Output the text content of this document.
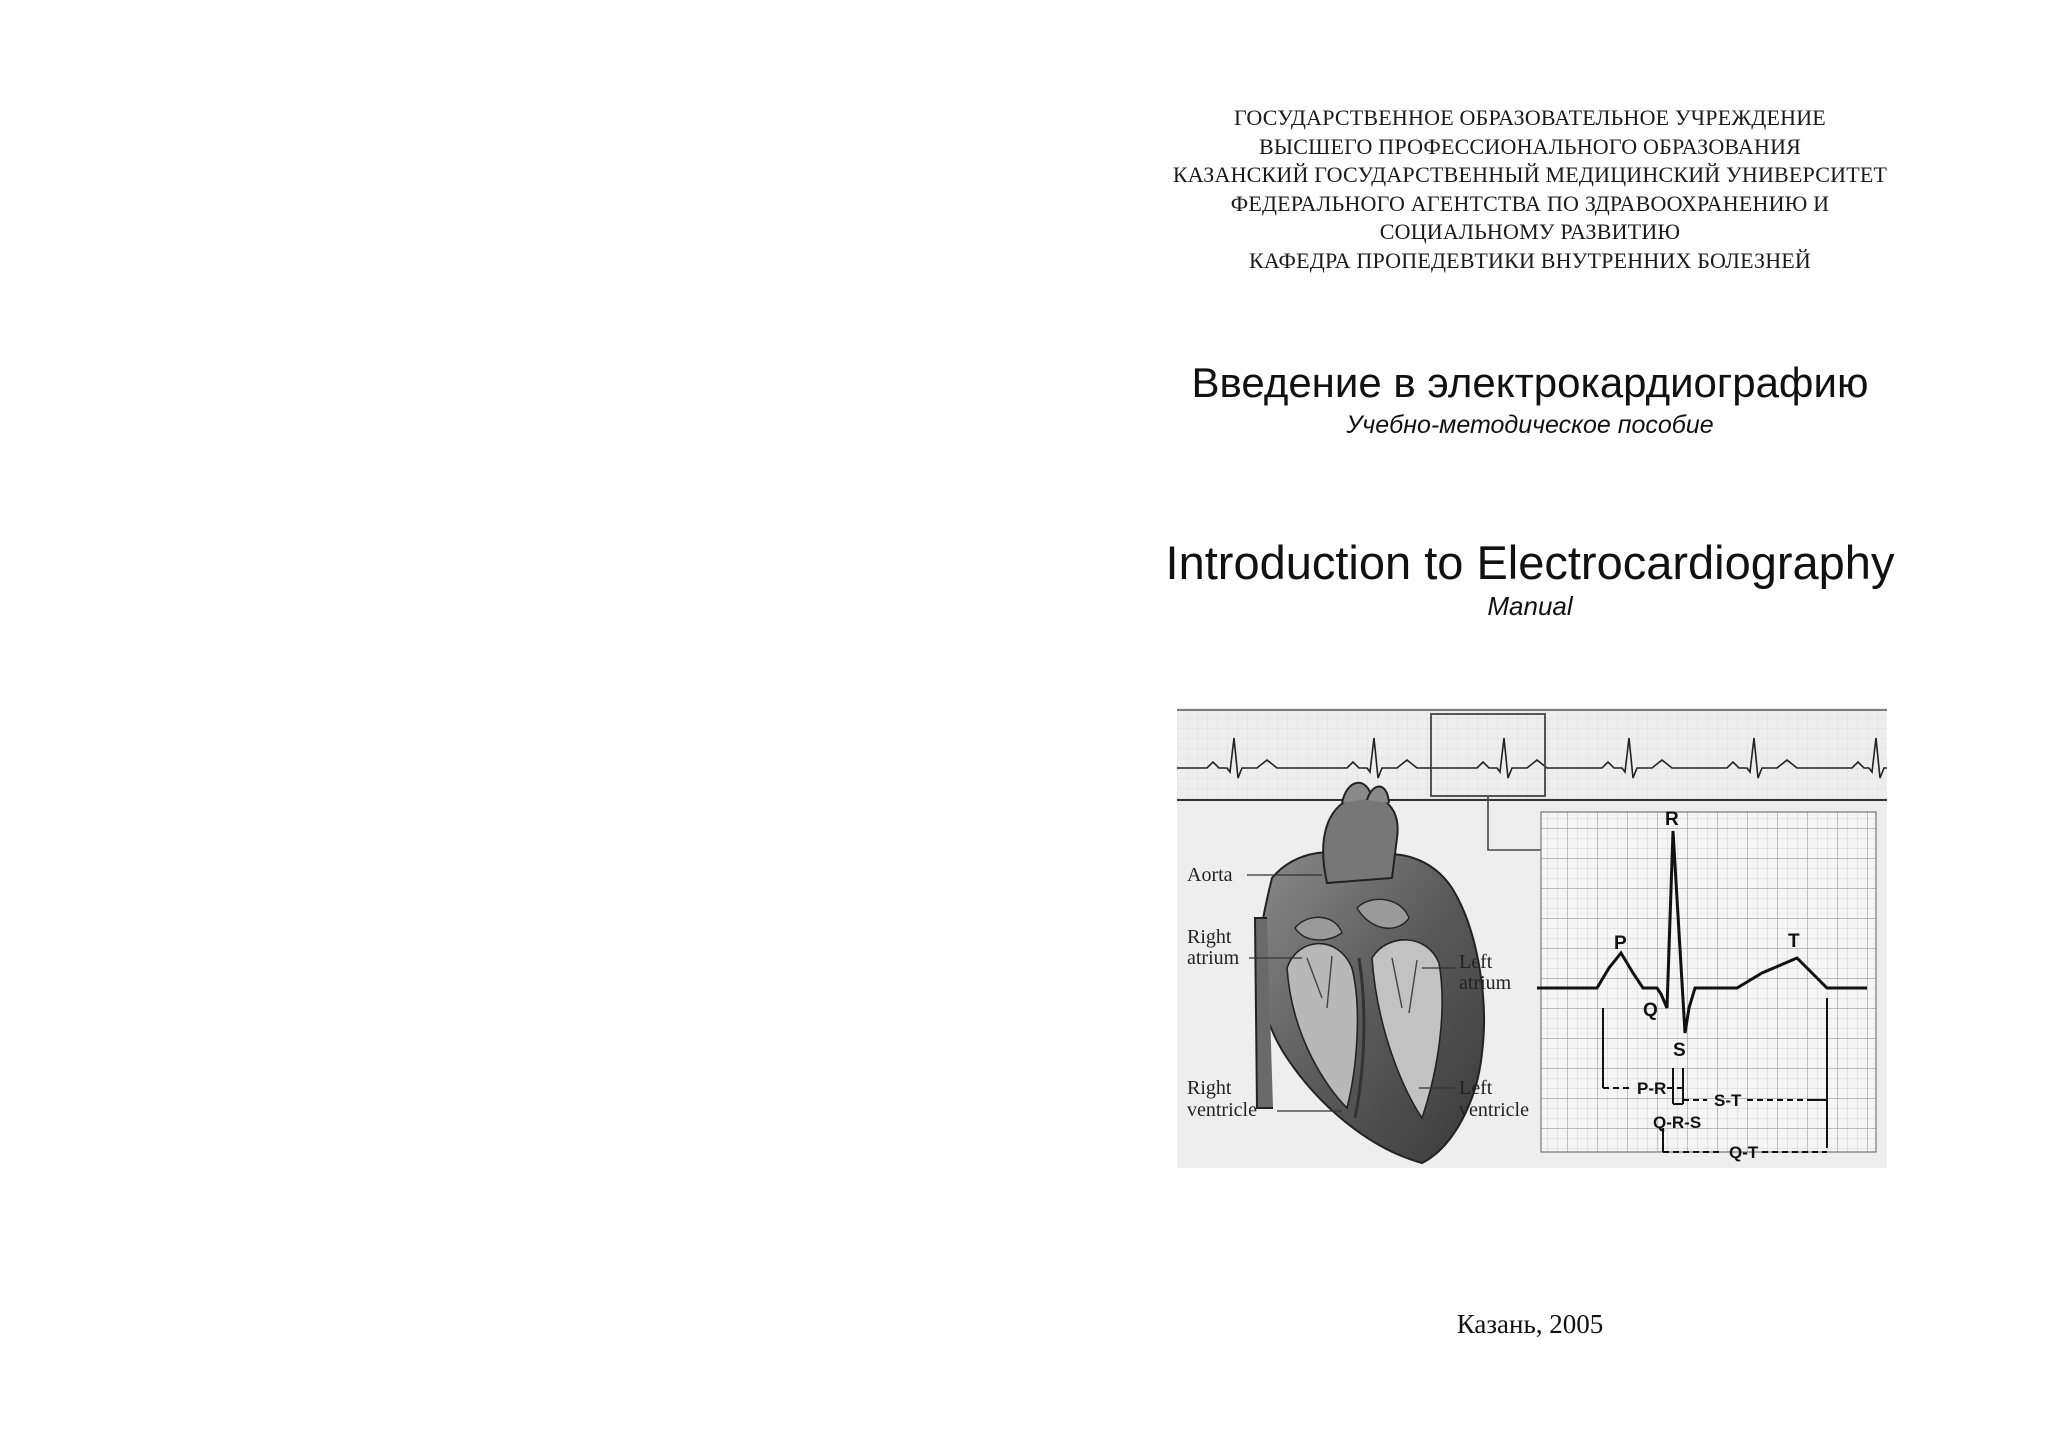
ГОСУДАРСТВЕННОЕ ОБРАЗОВАТЕЛЬНОЕ УЧРЕЖДЕНИЕ
ВЫСШЕГО ПРОФЕССИОНАЛЬНОГО ОБРАЗОВАНИЯ
КАЗАНСКИЙ ГОСУДАРСТВЕННЫЙ МЕДИЦИНСКИЙ УНИВЕРСИТЕТ
ФЕДЕРАЛЬНОГО АГЕНТСТВА ПО ЗДРАВООХРАНЕНИЮ И
СОЦИАЛЬНОМУ РАЗВИТИЮ
КАФЕДРА ПРОПЕДЕВТИКИ ВНУТРЕННИХ БОЛЕЗНЕЙ
Введение в электрокардиографию
Учебно-методическое пособие
Introduction to Electrocardiography
Manual
Aorta
Right
atrium	Left
atrium
Right
ventricle
Left
ventricle
P
R
T
Q
S
P-R
Q-R-S
S-T
Q-T
Казань, 2005
